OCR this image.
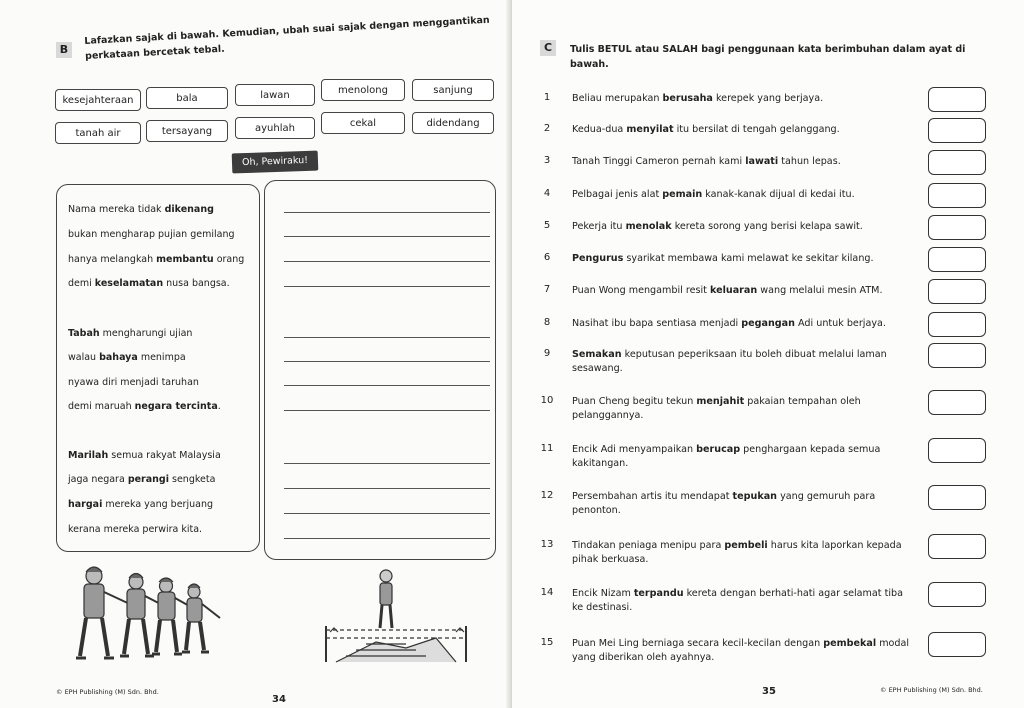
B
Lafazkan sajak di bawah. Kemudian, ubah suai sajak dengan menggantikan
perkataan bercetak tebal.
kesejahteraan	bala	lawan	menolong	sanjung
tanah air	tersayang	ayuhlah	cekal	didendang
Oh, Pewiraku!
Nama mereka tidak dikenang
bukan mengharap pujian gemilang
hanya melangkah membantu orang
demi keselamatan nusa bangsa.
Tabah mengharungi ujian
walau bahaya menimpa
nyawa diri menjadi taruhan
demi maruah negara tercinta.
Marilah semua rakyat Malaysia
jaga negara perangi sengketa
hargai mereka yang berjuang
kerana mereka perwira kita.
© EPH Publishing (M) Sdn. Bhd.
34
C	Tulis BETUL atau SALAH bagi penggunaan kata berimbuhan dalam ayat di
bawah.
1	Beliau merupakan berusaha kerepek yang berjaya.
2	Kedua-dua menyilat itu bersilat di tengah gelanggang.
3	Tanah Tinggi Cameron pernah kami lawati tahun lepas.
4	Pelbagai jenis alat pemain kanak-kanak dijual di kedai itu.
5	Pekerja itu menolak kereta sorong yang berisi kelapa sawit.
6	Pengurus syarikat membawa kami melawat ke sekitar kilang.
7	Puan Wong mengambil resit keluaran wang melalui mesin ATM.
8	Nasihat ibu bapa sentiasa menjadi pegangan Adi untuk berjaya.
9	Semakan keputusan peperiksaan itu boleh dibuat melalui laman sesawang.
10 Puan Cheng begitu tekun menjahit pakaian tempahan oleh pelanggannya.
11 Encik Adi menyampaikan berucap penghargaan kepada semua kakitangan.
12 Persembahan artis itu mendapat tepukan yang gemuruh para penonton.
13 Tindakan peniaga menipu para pembeli harus kita laporkan kepada pihak berkuasa.
14 Encik Nizam terpandu kereta dengan berhati-hati agar selamat tiba ke destinasi.
15 Puan Mei Ling berniaga secara kecil-kecilan dengan pembekal modal yang diberikan oleh ayahnya.
35	© EPH Publishing (M) Sdn. Bhd.
